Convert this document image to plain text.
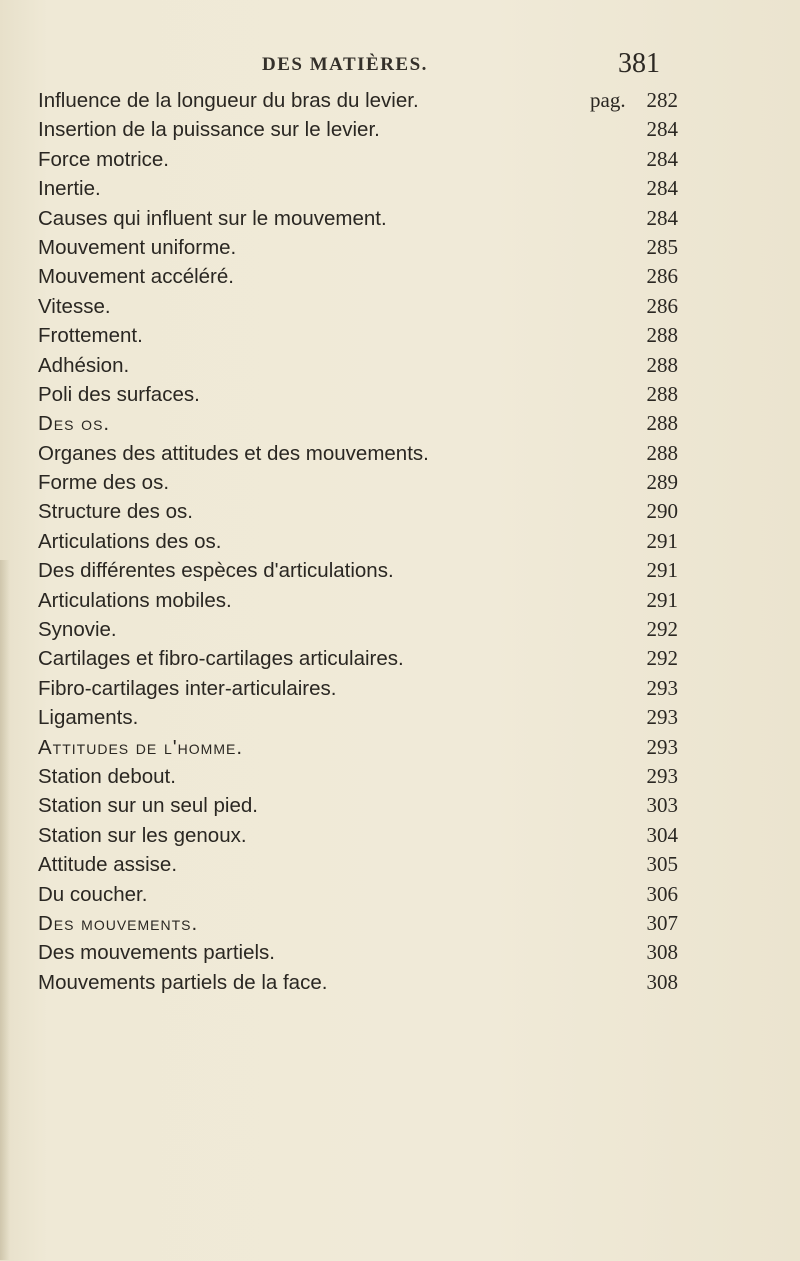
DES MATIÈRES.	381
Influence de la longueur du bras du levier.	pag. 282
Insertion de la puissance sur le levier.	284
Force motrice.	284
Inertie.	284
Causes qui influent sur le mouvement.	284
Mouvement uniforme.	285
Mouvement accéléré.	286
Vitesse.	286
Frottement.	288
Adhésion.	288
Poli des surfaces.	288
Des os.	288
Organes des attitudes et des mouvements.	288
Forme des os.	289
Structure des os.	290
Articulations des os.	291
Des différentes espèces d'articulations.	291
Articulations mobiles.	291
Synovie.	292
Cartilages et fibro-cartilages articulaires.	292
Fibro-cartilages inter-articulaires.	293
Ligaments.	293
Attitudes de l'homme.	293
Station debout.	293
Station sur un seul pied.	303
Station sur les genoux.	304
Attitude assise.	305
Du coucher.	306
Des mouvements.	307
Des mouvements partiels.	308
Mouvements partiels de la face.	308
